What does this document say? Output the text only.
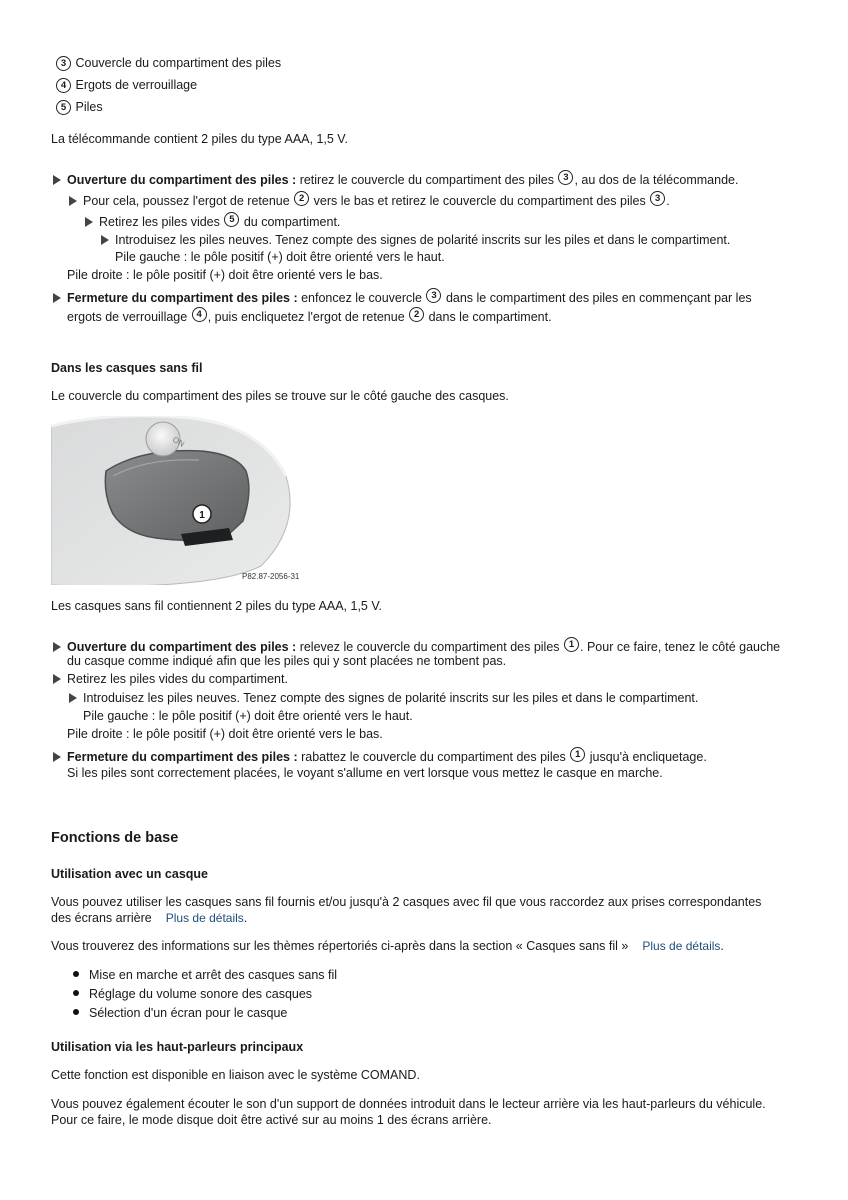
3 Couvercle du compartiment des piles
4 Ergots de verrouillage
5 Piles
La télécommande contient 2 piles du type AAA, 1,5 V.
Ouverture du compartiment des piles : retirez le couvercle du compartiment des piles 3 , au dos de la télécommande.
Pour cela, poussez l'ergot de retenue 2 vers le bas et retirez le couvercle du compartiment des piles 3 .
Retirez les piles vides 5 du compartiment.
Introduisez les piles neuves. Tenez compte des signes de polarité inscrits sur les piles et dans le compartiment.
Pile gauche : le pôle positif (+) doit être orienté vers le haut.
Pile droite : le pôle positif (+) doit être orienté vers le bas.
Fermeture du compartiment des piles : enfoncez le couvercle 3 dans le compartiment des piles en commençant par les
ergots de verrouillage 4 , puis encliquetez l'ergot de retenue 2 dans le compartiment.
Dans les casques sans fil
Le couvercle du compartiment des piles se trouve sur le côté gauche des casques.
ON
1
P82.87-2056-31
Les casques sans fil contiennent 2 piles du type AAA, 1,5 V.
Ouverture du compartiment des piles : relevez le couvercle du compartiment des piles 1 . Pour ce faire, tenez le côté gauche
du casque comme indiqué afin que les piles qui y sont placées ne tombent pas.
Retirez les piles vides du compartiment.
Introduisez les piles neuves. Tenez compte des signes de polarité inscrits sur les piles et dans le compartiment.
Pile gauche : le pôle positif (+) doit être orienté vers le haut.
Pile droite : le pôle positif (+) doit être orienté vers le bas.
Fermeture du compartiment des piles : rabattez le couvercle du compartiment des piles 1 jusqu'à encliquetage.
Si les piles sont correctement placées, le voyant s'allume en vert lorsque vous mettez le casque en marche.
Fonctions de base
Utilisation avec un casque
Vous pouvez utiliser les casques sans fil fournis et/ou jusqu'à 2 casques avec fil que vous raccordez aux prises correspondantes
des écrans arrière Plus de détails.
Vous trouverez des informations sur les thèmes répertoriés ci-après dans la section « Casques sans fil » Plus de détails.
Mise en marche et arrêt des casques sans fil
Réglage du volume sonore des casques
Sélection d'un écran pour le casque
Utilisation via les haut-parleurs principaux
Cette fonction est disponible en liaison avec le système COMAND.
Vous pouvez également écouter le son d'un support de données introduit dans le lecteur arrière via les haut-parleurs du véhicule.
Pour ce faire, le mode disque doit être activé sur au moins 1 des écrans arrière.
